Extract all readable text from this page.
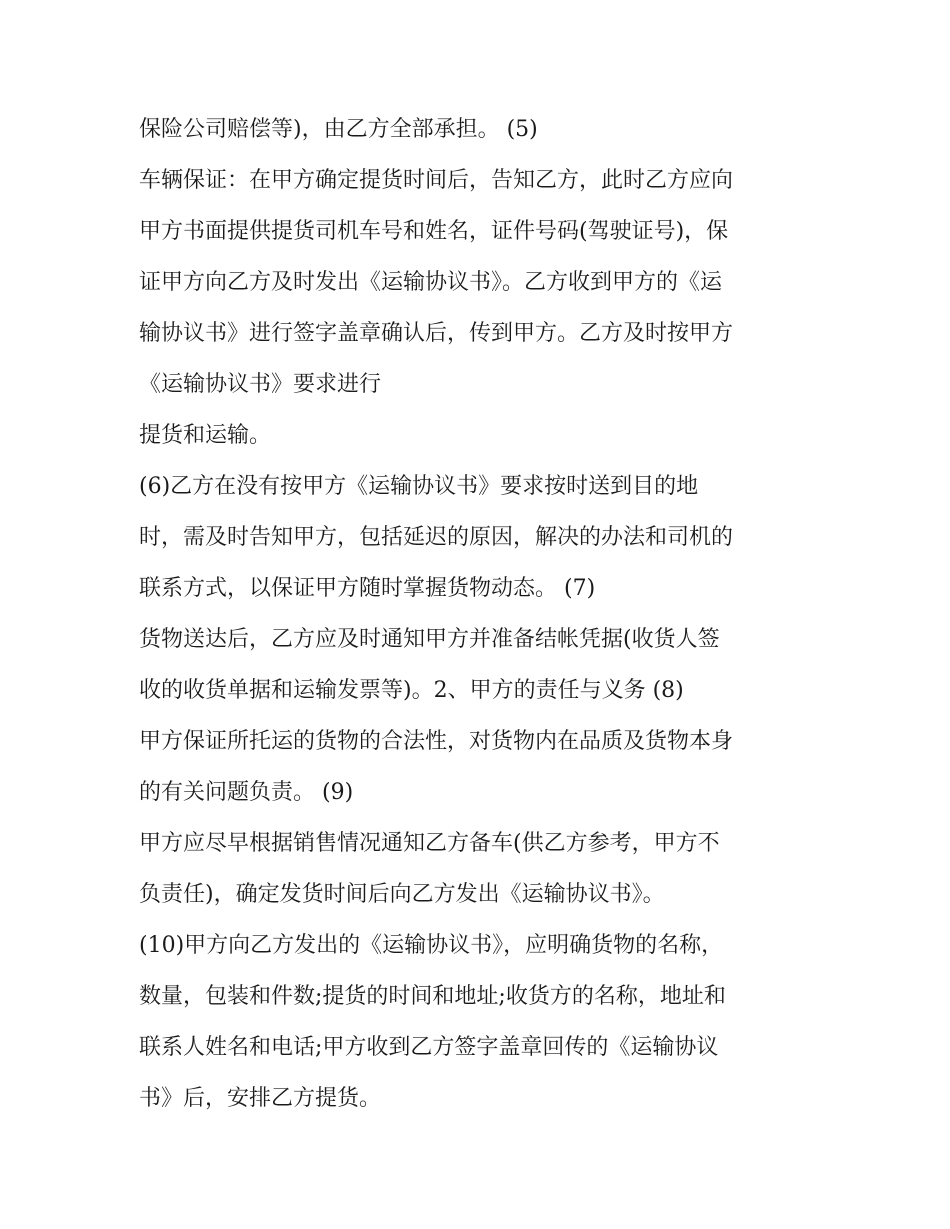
保险公司赔偿等)，由乙方全部承担。 (5)
车辆保证：在甲方确定提货时间后，告知乙方，此时乙方应向
甲方书面提供提货司机车号和姓名，证件号码(驾驶证号)，保
证甲方向乙方及时发出《运输协议书》。乙方收到甲方的《运
输协议书》进行签字盖章确认后，传到甲方。乙方及时按甲方
《运输协议书》要求进行
提货和运输。
(6)乙方在没有按甲方《运输协议书》要求按时送到目的地
时，需及时告知甲方，包括延迟的原因，解决的办法和司机的
联系方式，以保证甲方随时掌握货物动态。 (7)
货物送达后，乙方应及时通知甲方并准备结帐凭据(收货人签
收的收货单据和运输发票等)。2、甲方的责任与义务 (8)
甲方保证所托运的货物的合法性，对货物内在品质及货物本身
的有关问题负责。 (9)
甲方应尽早根据销售情况通知乙方备车(供乙方参考，甲方不
负责任)，确定发货时间后向乙方发出《运输协议书》。
(10)甲方向乙方发出的《运输协议书》，应明确货物的名称，
数量，包装和件数;提货的时间和地址;收货方的名称，地址和
联系人姓名和电话;甲方收到乙方签字盖章回传的《运输协议
书》后，安排乙方提货。
